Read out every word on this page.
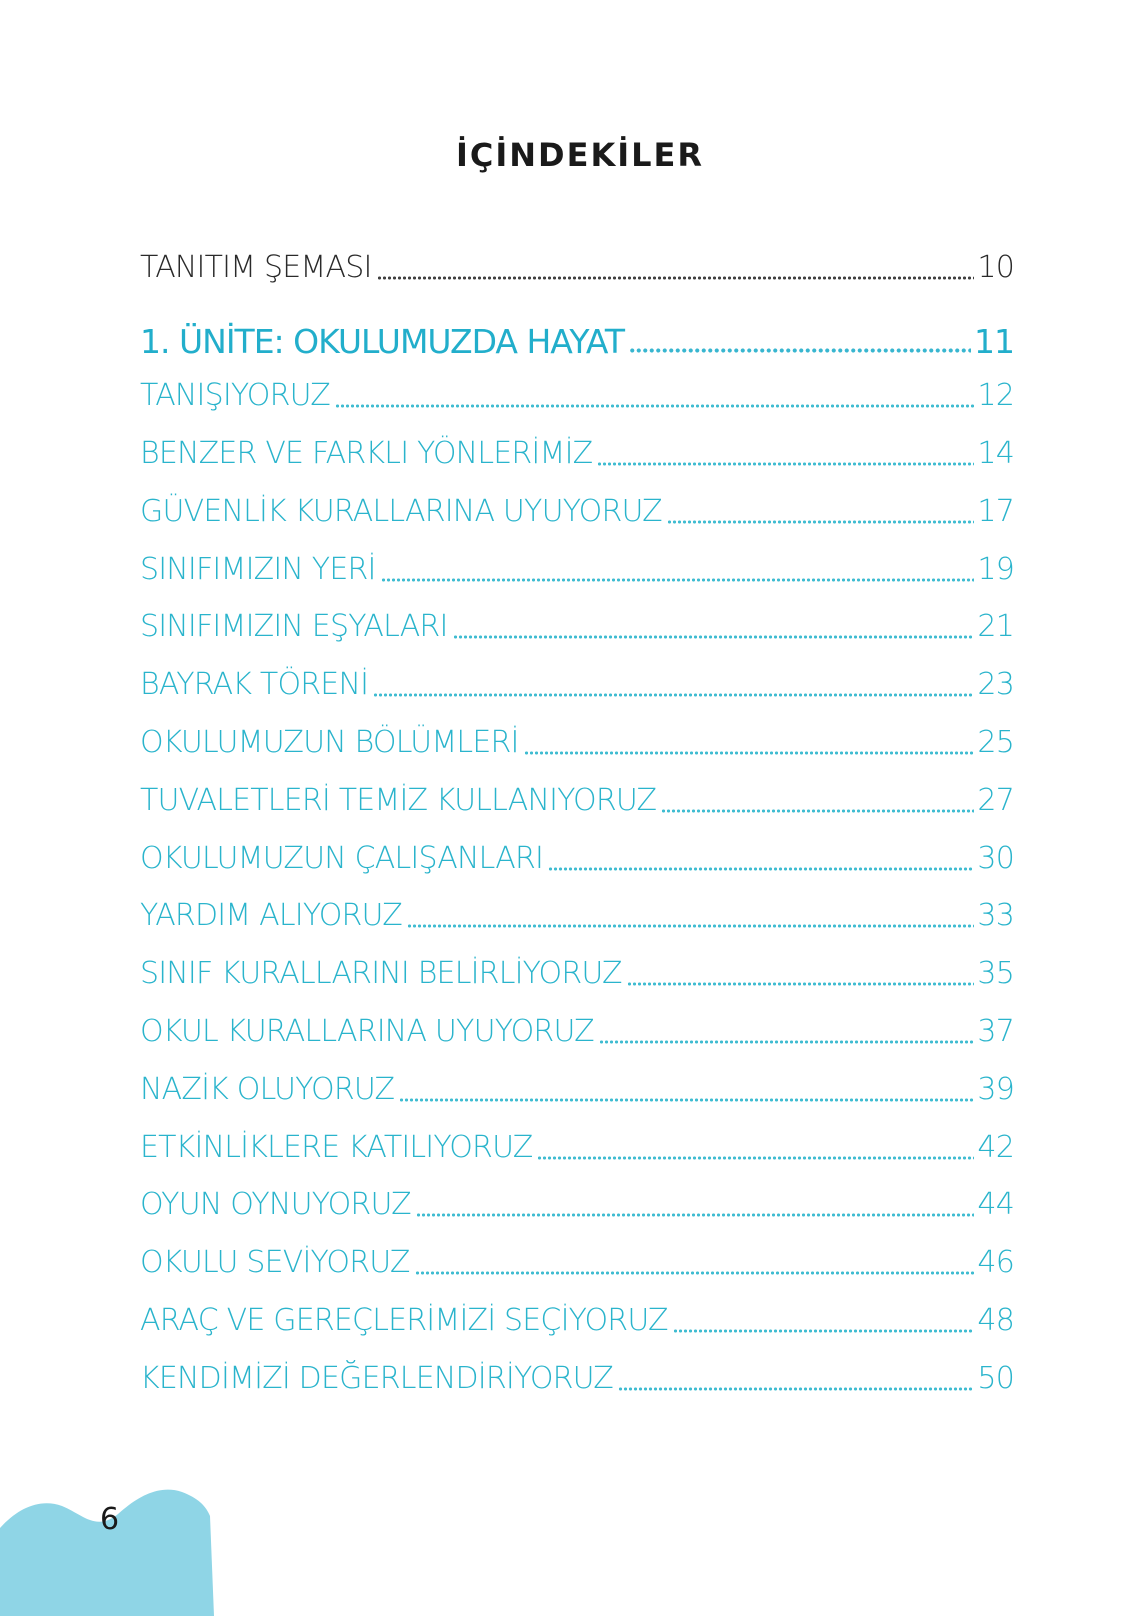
İÇİNDEKİLER
TANITIM ŞEMASI	10
1. ÜNİTE: OKULUMUZDA HAYAT	11
TANIŞIYORUZ	12
BENZER VE FARKLI YÖNLERİMİZ	14
GÜVENLİK KURALLARINA UYUYORUZ	17
SINIFIMIZIN YERİ	19
SINIFIMIZIN EŞYALARI	21
BAYRAK TÖRENİ	23
OKULUMUZUN BÖLÜMLERİ	25
TUVALETLERİ TEMİZ KULLANIYORUZ	27
OKULUMUZUN ÇALIŞANLARI	30
YARDIM ALIYORUZ	33
SINIF KURALLARINI BELİRLİYORUZ	35
OKUL KURALLARINA UYUYORUZ	37
NAZİK OLUYORUZ	39
ETKİNLİKLERE KATILIYORUZ	42
OYUN OYNUYORUZ	44
OKULU SEVİYORUZ	46
ARAÇ VE GEREÇLERİMİZİ SEÇİYORUZ	48
KENDİMİZİ DEĞERLENDİRİYORUZ	50
6
